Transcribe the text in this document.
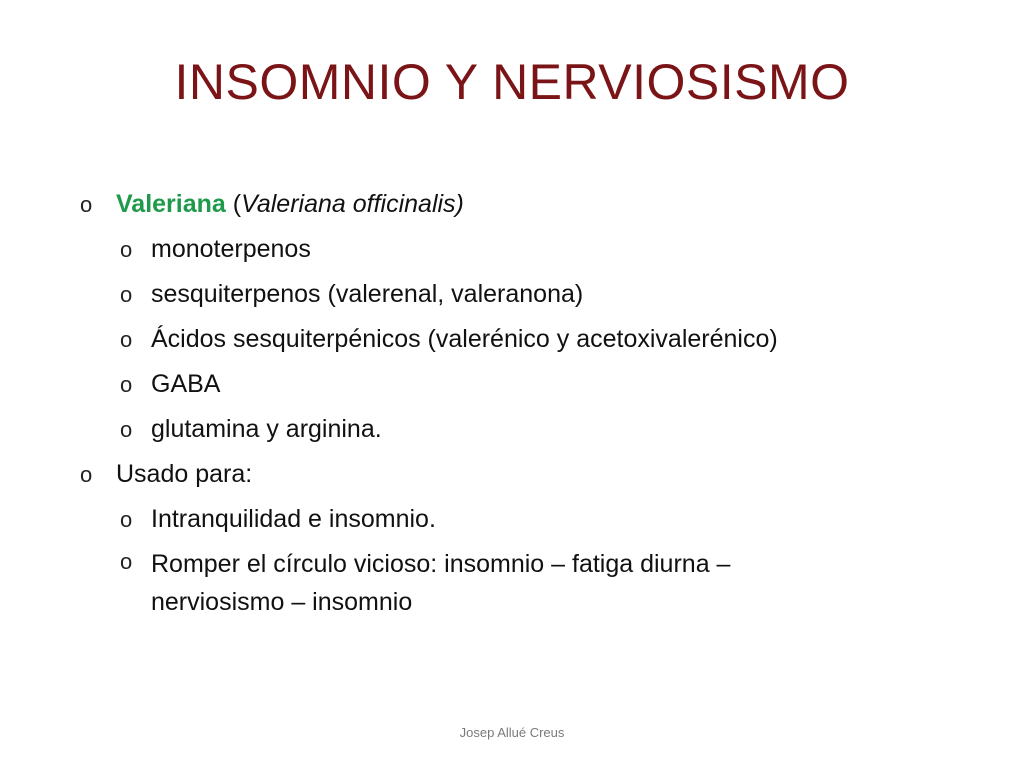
INSOMNIO Y NERVIOSISMO
o Valeriana (Valeriana officinalis)
o monoterpenos
o sesquiterpenos (valerenal, valeranona)
o Ácidos sesquiterpénicos (valerénico y acetoxivalerénico)
o GABA
o glutamina y arginina.
o Usado para:
o Intranquilidad e insomnio.
o Romper el círculo vicioso: insomnio – fatiga diurna – nerviosismo – insomnio
Josep Allué Creus
